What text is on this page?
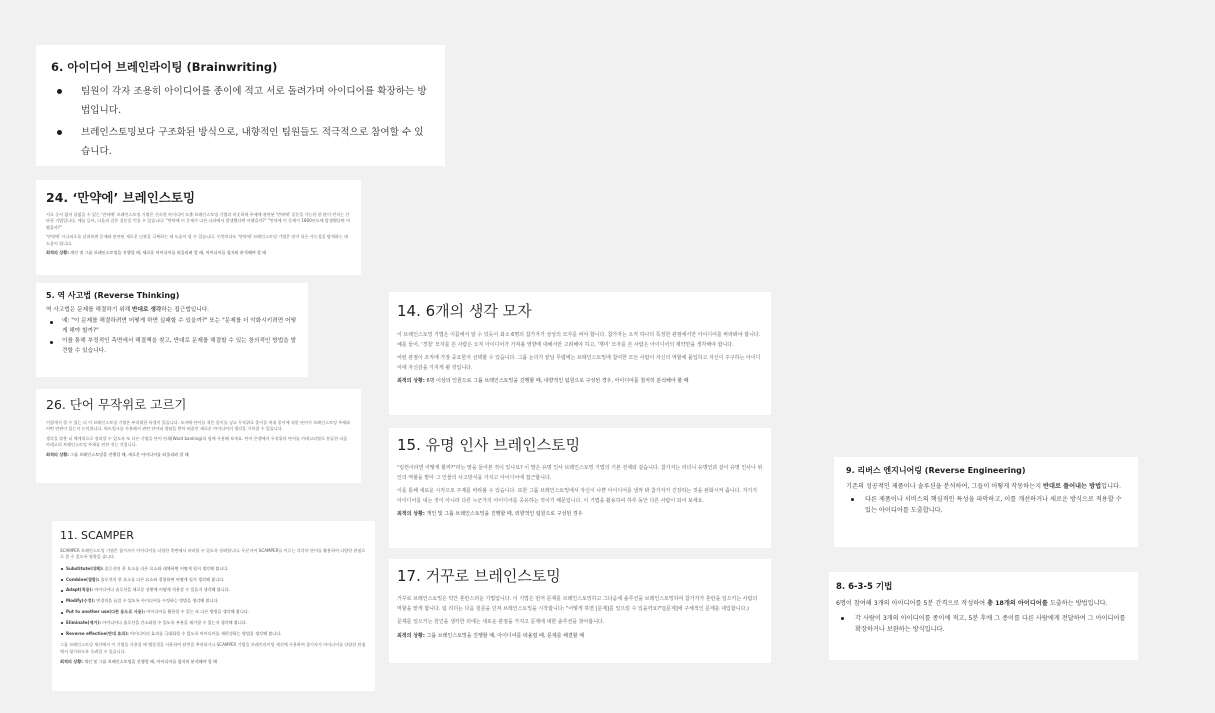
6. 아이디어 브레인라이팅 (Brainwriting)
팀원이 각자 조용히 아이디어를 종이에 적고 서로 돌려가며 아이디어를 확장하는 방법입니다.
브레인스토밍보다 구조화된 방식으로, 내향적인 팀원들도 적극적으로 참여할 수 있습니다.
24. ‘만약에’ 브레인스토밍

서로 중서 없이 끝없을 수 있는 '만약에' 브레인스토밍 기법은 신속한 아이디어 도출 브레인스토밍 기법과 비슷하게 주제에 관련된 '만약에' 질문을 가능한 한 많이 던지는 간단한 기법입니다. 예를 들어, 다음과 같은 질문을 던질 수 있습니다: "만약에 이 문제가 다른 나라에서 발생했다면 어땠을까?" "만약에 이 문제가 1800년도에 발생했다면 어땠을까?"

'만약에' 시나리오를 살펴보면 문제와 관련된 새로운 난관을 극복하는 데 도움이 될 수 있습니다. 무엇보다도 '만약에' 브레인스토밍 기법은 말이 되든 가능성을 탐색하는 데 도움이 됩니다.

최적의 상황: 개인 및 그룹 브레인스토밍을 진행할 때, 새로운 아이디어를 떠올리려 할 때, 아이디어를 철저히 분석해야 할 때

5. 역 사고법 (Reverse Thinking)

역 사고법은 문제를 해결하기 위해 반대로 생각하는 접근법입니다.

예: "이 문제를 해결하려면 어떻게 하면 실패할 수 있을까?" 또는 "문제를 더 악화시키려면 어떻게 해야 할까?"
이를 통해 부정적인 측면에서 해결책을 찾고, 반대로 문제를 해결할 수 있는 창의적인 방법을 발견할 수 있습니다.
26. 단어 무작위로 고르기

이렇게서 할 수 있는 더 이 브레인스토밍 기법은 부작위한 특성이 있습니다. 모자에 단어를 적은 종이를 넣고 무작위로 종이를 꺼내 종이에 적힌 단어가 브레인스토밍 주제와 어떤 연관이 있는지 논의합니다. 워드링크를 사용해서 관련 단어와 정답을 받아 떠올린 새로운 아이디어의 생각을 기록할 수 있습니다.

생각을 맞춘 더 체계적으로 정리할 수 있도록 또 다른 기법을 단어 연쇄(Word banking)과 함께 사용해 보세요. 단어 은행에서 무작위의 단어를 카테고리별로 분류한 다음 카테고리 브레인스토밍 주제를 연관 짓는 것입니다.

최적의 상황: 그룹 브레인스토밍을 진행할 때, 새로운 아이디어를 떠올리려 할 때

11. SCAMPER

SCAMPER 브레인스토밍 기법은 참가자가 아이디어를 다양한 측면에서 바라볼 수 있도록 장려합니다. 두문자어 SCAMPER를 이루는 각각의 단어를 활용하여 다양한 관점으로 볼 수 있도록 영향을 줍니다.

Substitute(대체): 솔루션의 한 요소를 다른 요소와 대체하면 어떻게 될지 생각해 봅니다.
Combine(결합): 솔루션의 한 요소를 다른 요소와 결합하면 어떻게 될지 생각해 봅니다.
Adapt(적용): 아이디어나 솔루션을 새로운 상황에 어떻게 적용할 수 있을지 생각해 봅니다.
Modify(수정): 변경적을 늘일 수 있도록 아이디어를 수정하는 방법을 생각해 봅니다.
Put to another use(다른 용도로 사용): 아이디어를 활용할 수 있는 또 다른 방법을 생각해 봅니다.
Eliminate(제거): 아이디어나 솔루션을 간소화할 수 있도록 부분을 제거할 수 있는지 생각해 봅니다.
Reverse effective(반대 효과): 아이디어의 효과를 극대화할 수 있도록 아이디어를 재편성하는 방법을 생각해 봅니다.

그룹 브레인스토밍 세션에서 이 기법을 사용할 때 템플릿을 사용하여 답변을 추적하거나 SCAMPER 기법을 브레인라이팅 세션에 사용하여 참가자가 아이디어를 다양한 관점에서 평가하도록 독려할 수 있습니다.

최적의 상황: 개인 및 그룹 브레인스토밍을 진행할 때, 아이디어를 철저히 분석해야 할 때

14. 6개의 생각 모자

이 브레인스토밍 기법은 이름에서 알 수 있듯이 최소 6명의 참가자가 상상의 모자를 써야 합니다. 참가자는 오직 하나의 특정한 관점에서만 아이디어를 바라봐야 합니다. 예를 들어, '경청' 모자를 쓴 사람은 오직 아이디어가 가져올 영향에 대해서만 고려해야 하고, '재미' 모자를 쓴 사람은 아이디어의 제약만을 생각해야 합니다.

어떤 관점이 조직에 가장 중요한지 선택할 수 있습니다. 그룹 논의가 끝날 무렵에는 브레인스토밍에 참여한 모든 사람이 자신의 역할에 몰입하고 자신이 주구하는 아이디어에 자신감을 가지게 될 것입니다.

최적의 상황: 6명 이상의 인원으로 그룹 브레인스토밍을 진행할 때, 내향적인 팀원으로 구성된 경우, 아이디어를 철저히 분석해야 할 때

15. 유명 인사 브레인스토밍

"링컨이라면 어떻게 할까?"라는 말을 들어본 적이 있나요? 이 말은 유명 인사 브레인스토밍 기법의 기본 전제와 같습니다. 참가자는 러더니 유명인과 같이 유명 인사나 위인의 역할을 맡아 그 인물의 사고방식을 가지고 아이디어에 접근합니다.

이를 통해 새로운 시각으로 주제를 바라볼 수 있습니다. 또한 그룹 브레인스토밍에서 자신이 나쁜 아이디어를 낼까 봐 참가자가 긴장하는 것을 완화시켜 줍니다. 자기가 아이디어를 내는 것이 아니라 다른 누군가의 아이디어를 공유하는 것이기 때문입니다. 이 기법을 활용하여 하루 동안 다른 사람이 되어 보세요.

최적의 상황: 개인 및 그룹 브레인스토밍을 진행할 때, 외향적인 팀원으로 구성된 경우

17. 거꾸로 브레인스토밍

거꾸로 브레인스토밍은 약간 혼란스러운 기법입니다. 이 기법은 먼저 문제를 브레인스토밍하고 그다음에 솔루션을 브레인스토밍하여 참가자가 혼란을 일으키는 사람의 역할을 맡게 합니다. 팀 리더는 다음 질문을 던져 브레인스토밍을 시작합니다: "어떻게 하면 [문제]를 일으킬 수 있을까요?"([문제]에 구체적인 문제를 대입합니다.)

문제를 일으키는 원인을 생각한 뒤에는 새로운 관점을 가지고 문제에 대한 솔루션을 찾아봅니다.

최적의 상황: 그룹 브레인스토밍을 진행할 때, 아이디어를 떠올릴 때, 문제를 해결할 때

9. 리버스 엔지니어링 (Reverse Engineering)

기존의 성공적인 제품이나 솔루션을 분석하여, 그들이 어떻게 작동하는지 반대로 풀어내는 방법입니다.

다른 제품이나 서비스의 핵심적인 특성을 파악하고, 이를 개선하거나 새로운 방식으로 적용할 수 있는 아이디어를 도출합니다.
8. 6-3-5 기법

6명이 참여해 3개의 아이디어를 5분 간격으로 작성하여 총 18개의 아이디어를 도출하는 방법입니다.

각 사람이 3개의 아이디어를 종이에 적고, 5분 후에 그 종이를 다른 사람에게 전달하여 그 아이디어를 확장하거나 보완하는 방식입니다.
